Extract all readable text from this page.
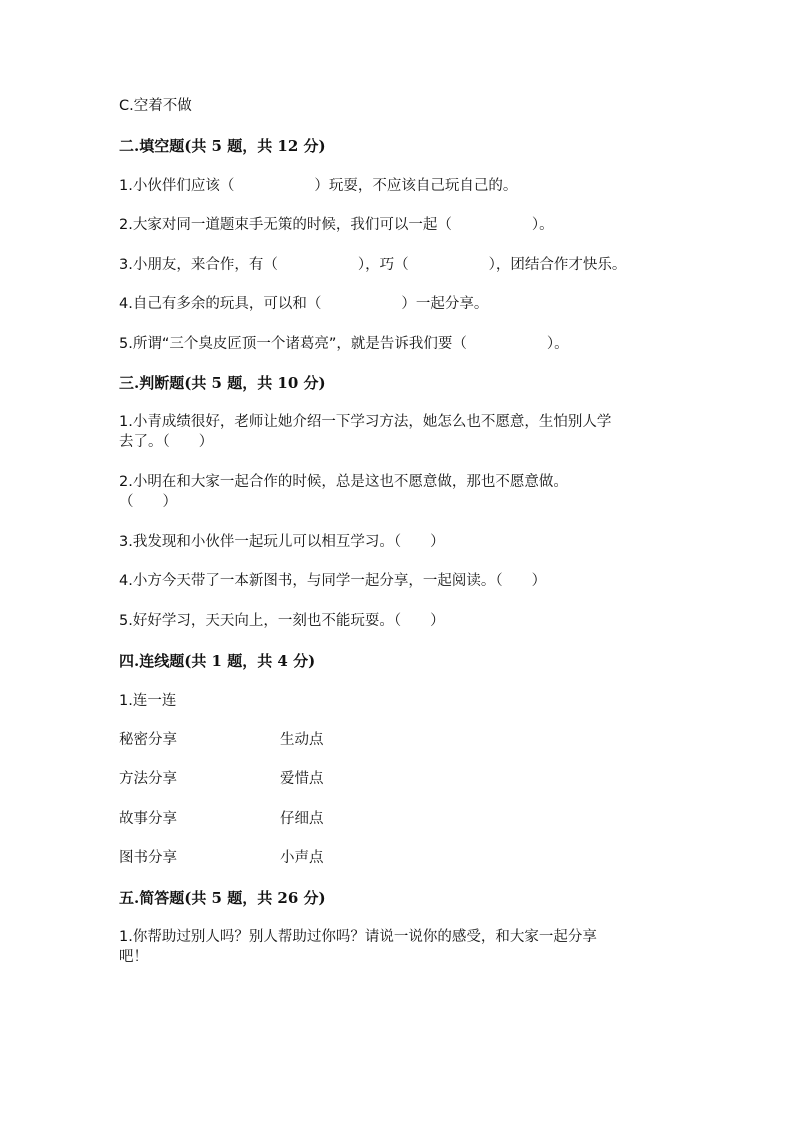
C.空着不做
二.填空题(共 5 题，共 12 分)
1.小伙伴们应该（	）玩耍，不应该自己玩自己的。
2.大家对同一道题束手无策的时候，我们可以一起（	）。
3.小朋友，来合作，有（	），巧（	），团结合作才快乐。
4.自己有多余的玩具，可以和（	）一起分享。
5.所谓“三个臭皮匠顶一个诸葛亮”，就是告诉我们要（	）。
三.判断题(共 5 题，共 10 分)
1.小青成绩很好，老师让她介绍一下学习方法，她怎么也不愿意，生怕别人学
去了。（　　）
2.小明在和大家一起合作的时候，总是这也不愿意做，那也不愿意做。
（　　）
3.我发现和小伙伴一起玩儿可以相互学习。（　　）
4.小方今天带了一本新图书，与同学一起分享，一起阅读。（　　）
5.好好学习，天天向上，一刻也不能玩耍。（　　）
四.连线题(共 1 题，共 4 分)
1.连一连
秘密分享	生动点
方法分享	爱惜点
故事分享	仔细点
图书分享	小声点
五.简答题(共 5 题，共 26 分)
1.你帮助过别人吗？别人帮助过你吗？请说一说你的感受，和大家一起分享
吧！
